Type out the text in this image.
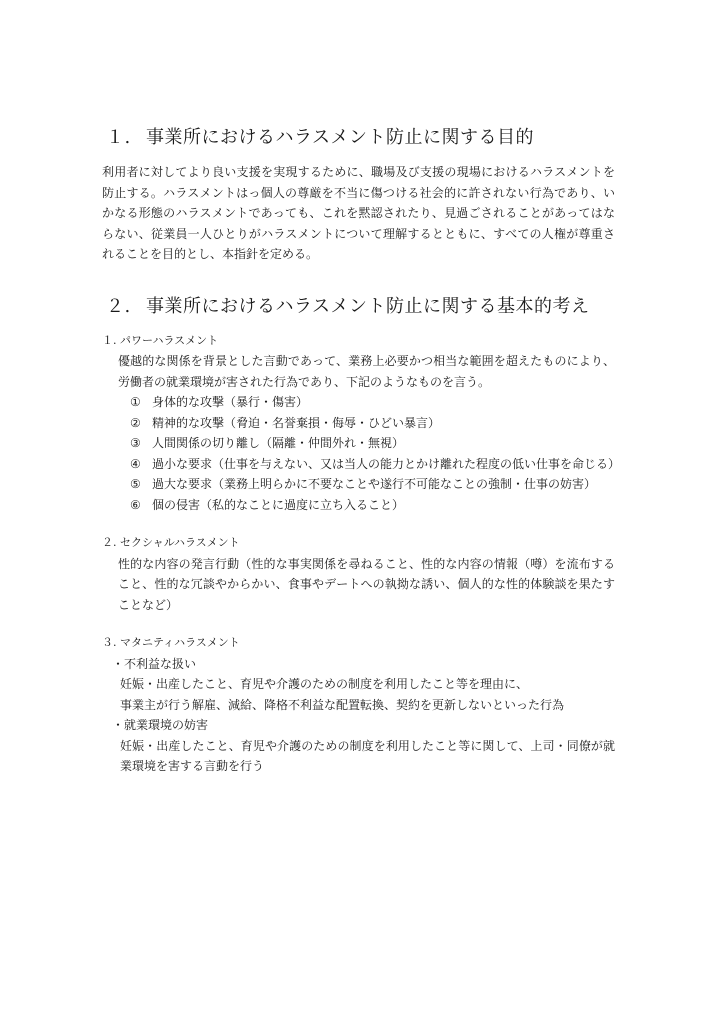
１. 事業所におけるハラスメント防止に関する目的

利用者に対してより良い支援を実現するために、職場及び支援の現場におけるハラスメントを防止する。ハラスメントはっ個人の尊厳を不当に傷つける社会的に許されない行為であり、いかなる形態のハラスメントであっても、これを黙認されたり、見過ごされることがあってはならない、従業員一人ひとりがハラスメントについて理解するとともに、すべての人権が尊重されることを目的とし、本指針を定める。

２. 事業所におけるハラスメント防止に関する基本的考え
１. パワーハラスメント

優越的な関係を背景とした言動であって、業務上必要かつ相当な範囲を超えたものにより、労働者の就業環境が害された行為であり、下記のようなものを言う。

① 身体的な攻撃（暴行・傷害）
② 精神的な攻撃（脅迫・名誉棄損・侮辱・ひどい暴言）
③ 人間関係の切り離し（隔離・仲間外れ・無視）
④ 過小な要求（仕事を与えない、又は当人の能力とかけ離れた程度の低い仕事を命じる）
⑤ 過大な要求（業務上明らかに不要なことや遂行不可能なことの強制・仕事の妨害）
⑥ 個の侵害（私的なことに過度に立ち入ること）
２. セクシャルハラスメント

性的な内容の発言行動（性的な事実関係を尋ねること、性的な内容の情報（噂）を流布すること、性的な冗談やからかい、食事やデートへの執拗な誘い、個人的な性的体験談を果たすことなど）

３. マタニティハラスメント
・ 不利益な扱い

妊娠・出産したこと、育児や介護のための制度を利用したこと等を理由に、

事業主が行う解雇、減給、降格不利益な配置転換、契約を更新しないといった行為

・ 就業環境の妨害

妊娠・出産したこと、育児や介護のための制度を利用したこと等に関して、上司・同僚が就業環境を害する言動を行う
